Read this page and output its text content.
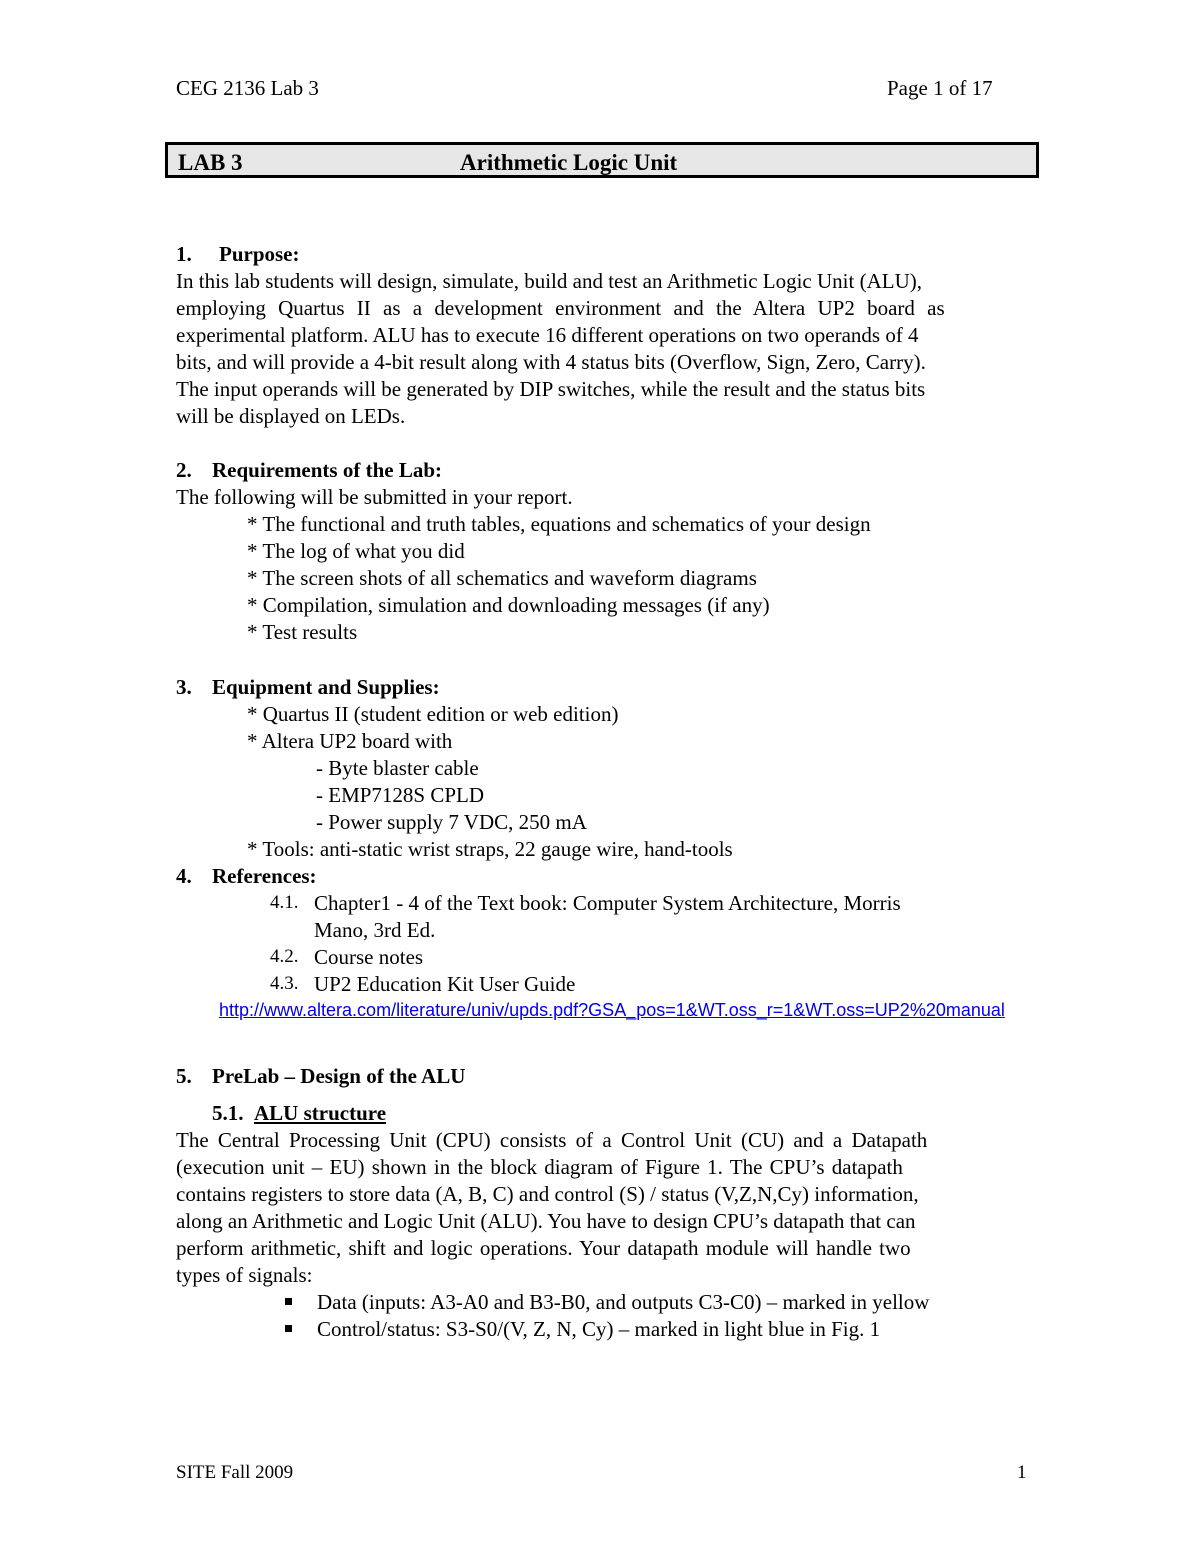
CEG 2136 Lab 3	Page 1 of 17
LAB 3	Arithmetic Logic Unit
1. Purpose:
In this lab students will design, simulate, build and test an Arithmetic Logic Unit (ALU),
employing Quartus II as a development environment and the Altera UP2 board as
experimental platform. ALU has to execute 16 different operations on two operands of 4
bits, and will provide a 4-bit result along with 4 status bits (Overflow, Sign, Zero, Carry).
The input operands will be generated by DIP switches, while the result and the status bits
will be displayed on LEDs.
2. Requirements of the Lab:
The following will be submitted in your report.
* The functional and truth tables, equations and schematics of your design
* The log of what you did
* The screen shots of all schematics and waveform diagrams
* Compilation, simulation and downloading messages (if any)
* Test results
3. Equipment and Supplies:
* Quartus II (student edition or web edition)
* Altera UP2 board with
- Byte blaster cable
- EMP7128S CPLD
- Power supply 7 VDC, 250 mA
* Tools: anti-static wrist straps, 22 gauge wire, hand-tools
4. References:
4.1. Chapter1 - 4 of the Text book: Computer System Architecture, Morris
Mano, 3rd Ed.
4.2. Course notes
4.3. UP2 Education Kit User Guide
http://www.altera.com/literature/univ/upds.pdf?GSA_pos=1&WT.oss_r=1&WT.oss=UP2%20manual
5. PreLab – Design of the ALU
5.1. ALU structure
The Central Processing Unit (CPU) consists of a Control Unit (CU) and a Datapath
(execution unit – EU) shown in the block diagram of Figure 1. The CPU’s datapath
contains registers to store data (A, B, C) and control (S) / status (V,Z,N,Cy) information,
along an Arithmetic and Logic Unit (ALU). You have to design CPU’s datapath that can
perform arithmetic, shift and logic operations. Your datapath module will handle two
types of signals:
Data (inputs: A3-A0 and B3-B0, and outputs C3-C0) – marked in yellow
Control/status: S3-S0/(V, Z, N, Cy) – marked in light blue in Fig. 1
SITE Fall 2009	1
